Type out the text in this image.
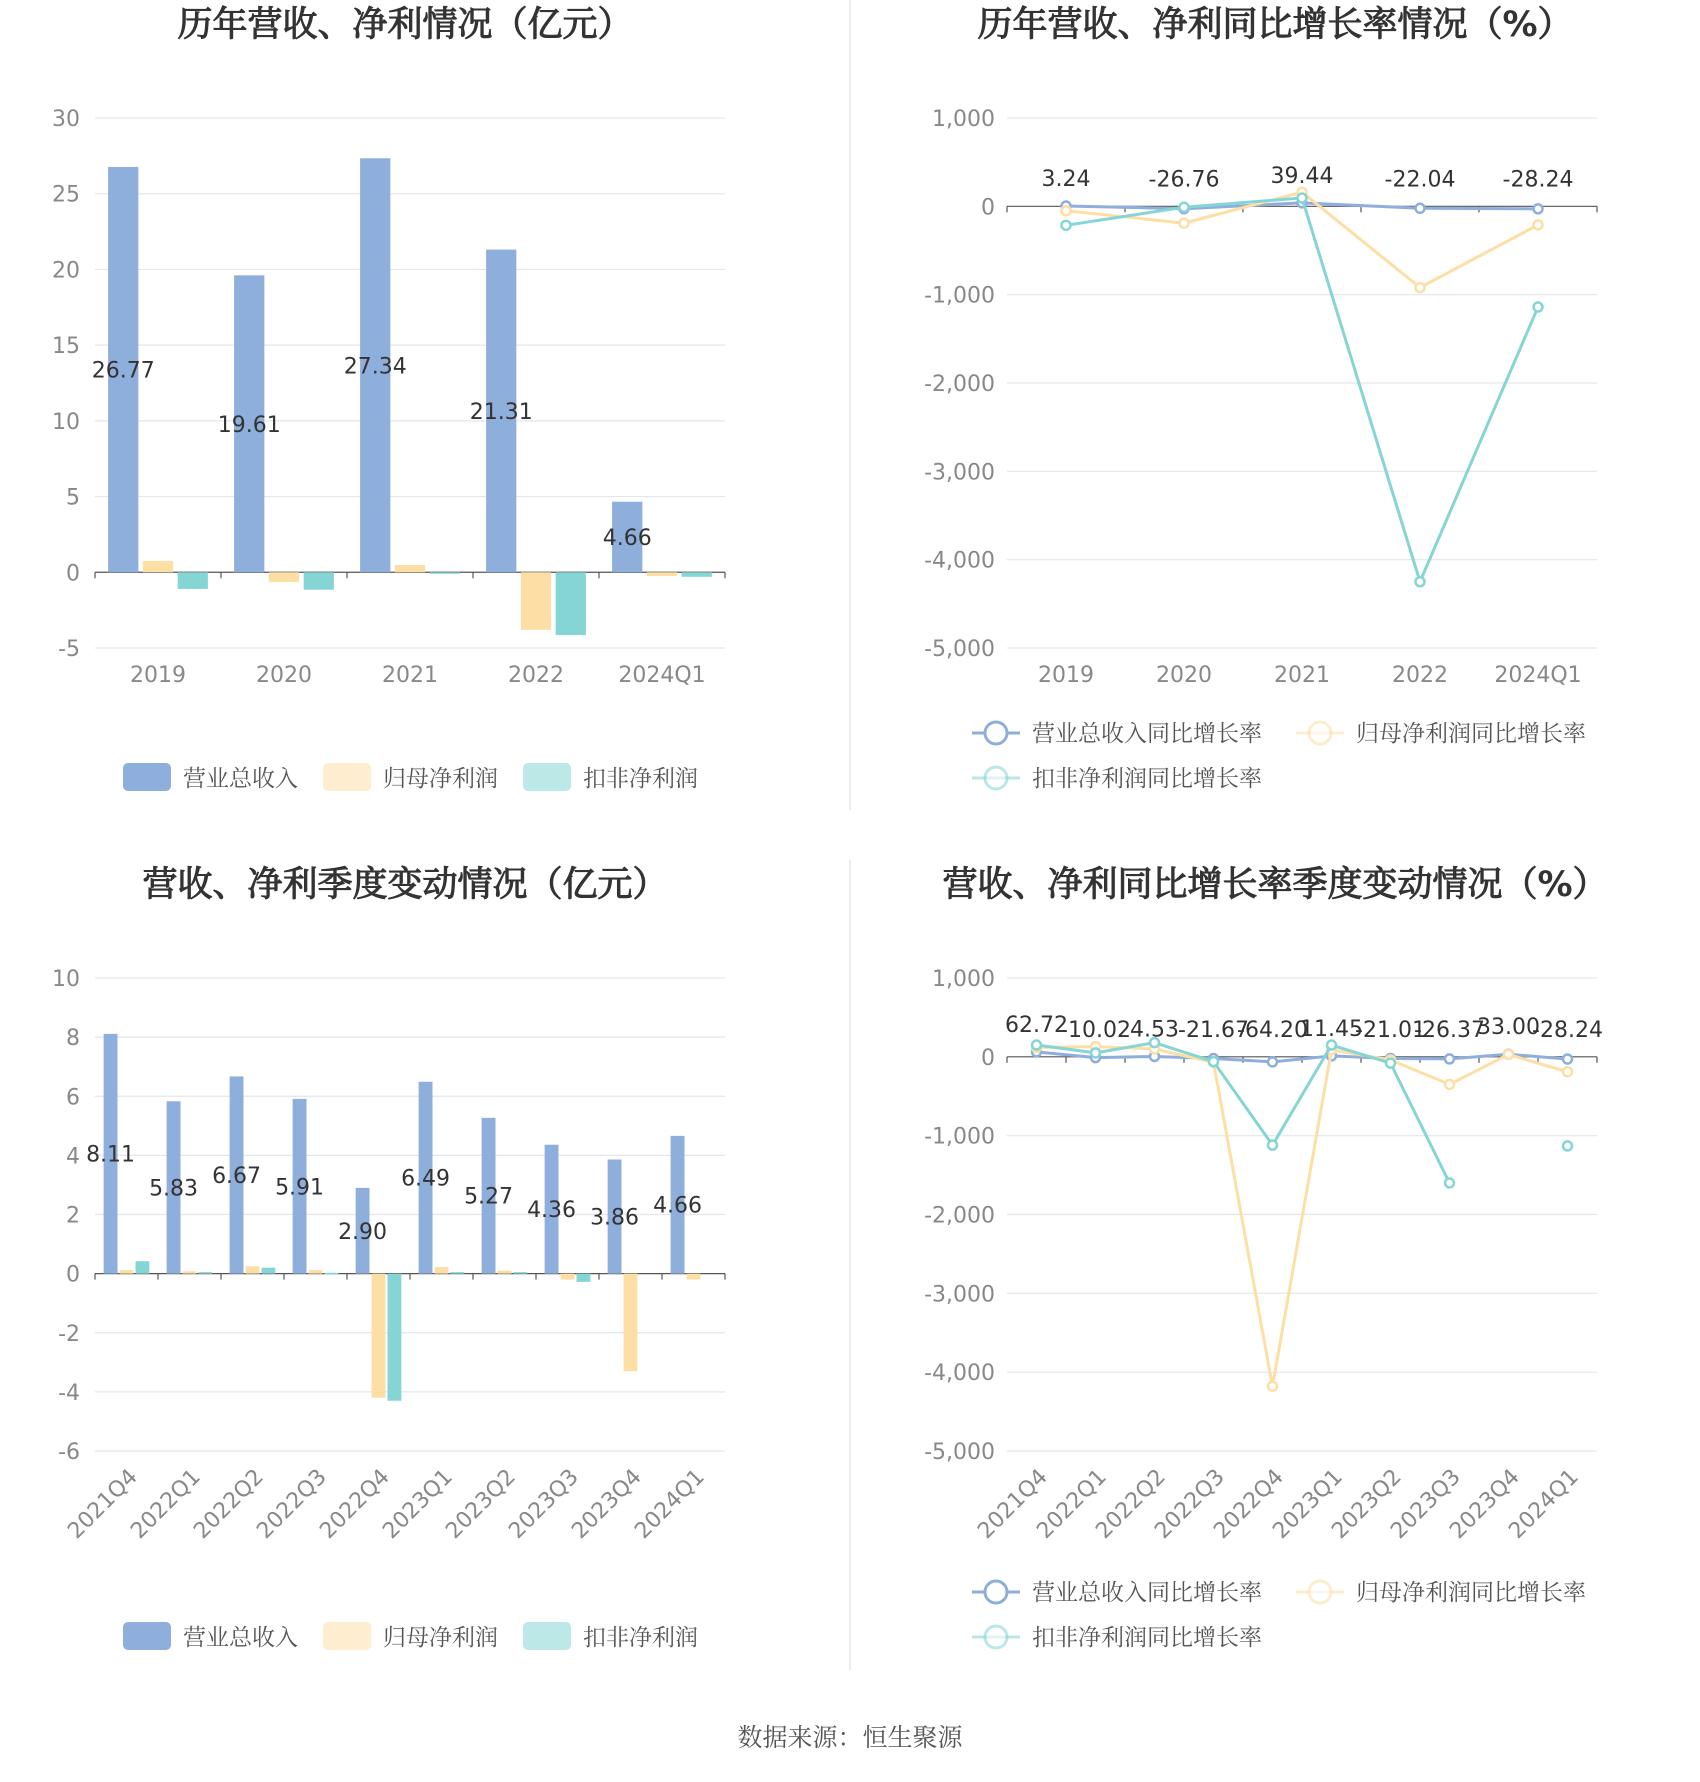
历年营收、净利情况（亿元）
30
25
20
15
10
5
0
-5
2019	2020	2021	2022 2024Q1
26.77
19.61
27.34
21.31
4.66
营业总收入	归母净利润	扣非净利润
历年营收、净利同比增长率情况（%）
1,000
0
-1,000
-2,000
-3,000
-4,000
-5,000
2019	2020	2021	2022 2024Q1
3.24	-26.76 39.44 -22.04 -28.24
营业总收入同比增长率	归母净利润同比增长率
扣非净利润同比增长率
营收、净利季度变动情况（亿元）
10
8
6
4
2
0
-2
-4
-6
2021Q4
2022Q1
2022Q2
2022Q3
2022Q4
2023Q1
2023Q2
2023Q3
2023Q4
2024Q1
8.11
5.83 6.67 5.91
2.90
6.49
5.27
4.36 3.86 4.66
营业总收入	归母净利润	扣非净利润
营收、净利同比增长率季度变动情况（%）
1,000
0
-1,000
-2,000
-3,000
-4,000
-5,000
2021Q4
2022Q1
2022Q2
2022Q3
2022Q4
2023Q1
2023Q2
2023Q3
2023Q4
2024Q1
62.72
-10.02 4.53 -21.67
-64.20
11.45
-21.01
-26.37
33.00
-28.24
营业总收入同比增长率	归母净利润同比增长率
扣非净利润同比增长率
数据来源：恒生聚源
